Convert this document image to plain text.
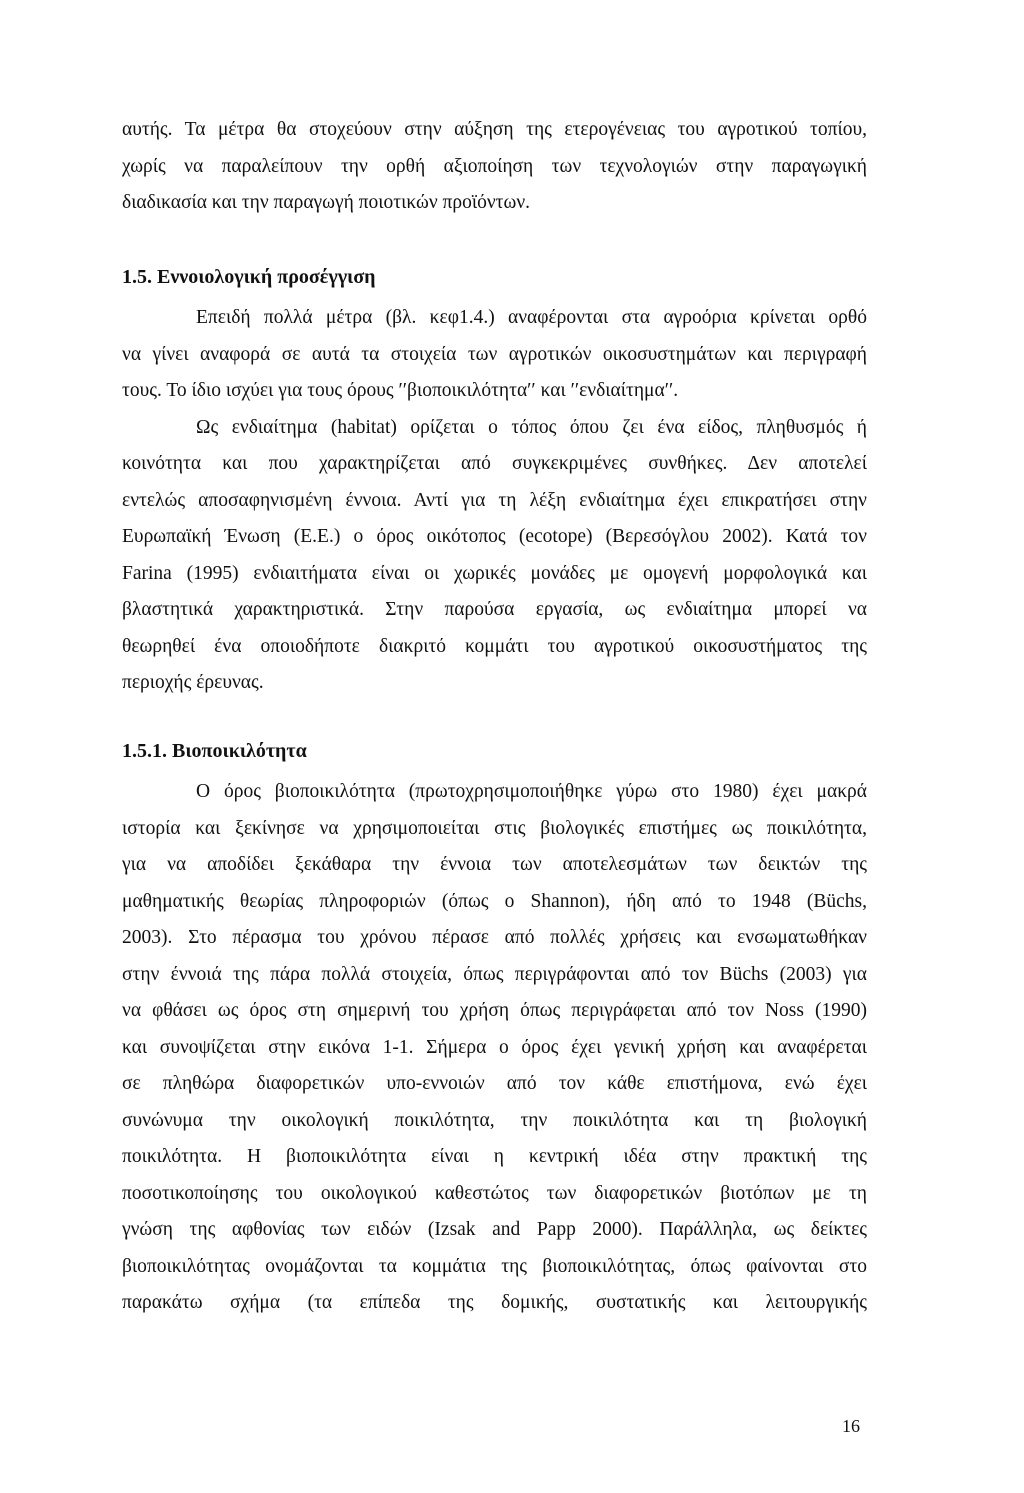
αυτής. Τα μέτρα θα στοχεύουν στην αύξηση της ετερογένειας του αγροτικού τοπίου,
χωρίς να παραλείπουν την ορθή αξιοποίηση των τεχνολογιών στην παραγωγική
διαδικασία και την παραγωγή ποιοτικών προϊόντων.
1.5. Εννοιολογική προσέγγιση
Επειδή πολλά μέτρα (βλ. κεφ1.4.) αναφέρονται στα αγροόρια κρίνεται ορθό
να γίνει αναφορά σε αυτά τα στοιχεία των αγροτικών οικοσυστημάτων και περιγραφή
τους. Το ίδιο ισχύει για τους όρους ′′βιοποικιλότητα′′ και ′′ενδιαίτημα′′.
Ως ενδιαίτημα (habitat) ορίζεται ο τόπος όπου ζει ένα είδος, πληθυσμός ή
κοινότητα και που χαρακτηρίζεται από συγκεκριμένες συνθήκες. Δεν αποτελεί
εντελώς αποσαφηνισμένη έννοια. Αντί για τη λέξη ενδιαίτημα έχει επικρατήσει στην
Ευρωπαϊκή Ένωση (Ε.Ε.) ο όρος οικότοπος (ecotope) (Βερεσόγλου 2002). Κατά τον
Farina (1995) ενδιαιτήματα είναι οι χωρικές μονάδες με ομογενή μορφολογικά και
βλαστητικά χαρακτηριστικά. Στην παρούσα εργασία, ως ενδιαίτημα μπορεί να
θεωρηθεί ένα οποιοδήποτε διακριτό κομμάτι του αγροτικού οικοσυστήματος της
περιοχής έρευνας.
1.5.1. Βιοποικιλότητα
Ο όρος βιοποικιλότητα (πρωτοχρησιμοποιήθηκε γύρω στο 1980) έχει μακρά
ιστορία και ξεκίνησε να χρησιμοποιείται στις βιολογικές επιστήμες ως ποικιλότητα,
για να αποδίδει ξεκάθαρα την έννοια των αποτελεσμάτων των δεικτών της
μαθηματικής θεωρίας πληροφοριών (όπως ο Shannon), ήδη από το 1948 (Büchs,
2003). Στο πέρασμα του χρόνου πέρασε από πολλές χρήσεις και ενσωματωθήκαν
στην έννοιά της πάρα πολλά στοιχεία, όπως περιγράφονται από τον Büchs (2003) για
να φθάσει ως όρος στη σημερινή του χρήση όπως περιγράφεται από τον Noss (1990)
και συνοψίζεται στην εικόνα 1-1. Σήμερα ο όρος έχει γενική χρήση και αναφέρεται
σε πληθώρα διαφορετικών υπο-εννοιών από τον κάθε επιστήμονα, ενώ έχει
συνώνυμα την οικολογική ποικιλότητα, την ποικιλότητα και τη βιολογική
ποικιλότητα. Η βιοποικιλότητα είναι η κεντρική ιδέα στην πρακτική της
ποσοτικοποίησης του οικολογικού καθεστώτος των διαφορετικών βιοτόπων με τη
γνώση της αφθονίας των ειδών (Izsak and Papp 2000). Παράλληλα, ως δείκτες
βιοποικιλότητας ονομάζονται τα κομμάτια της βιοποικιλότητας, όπως φαίνονται στο
παρακάτω σχήμα (τα επίπεδα της δομικής, συστατικής και λειτουργικής
16
